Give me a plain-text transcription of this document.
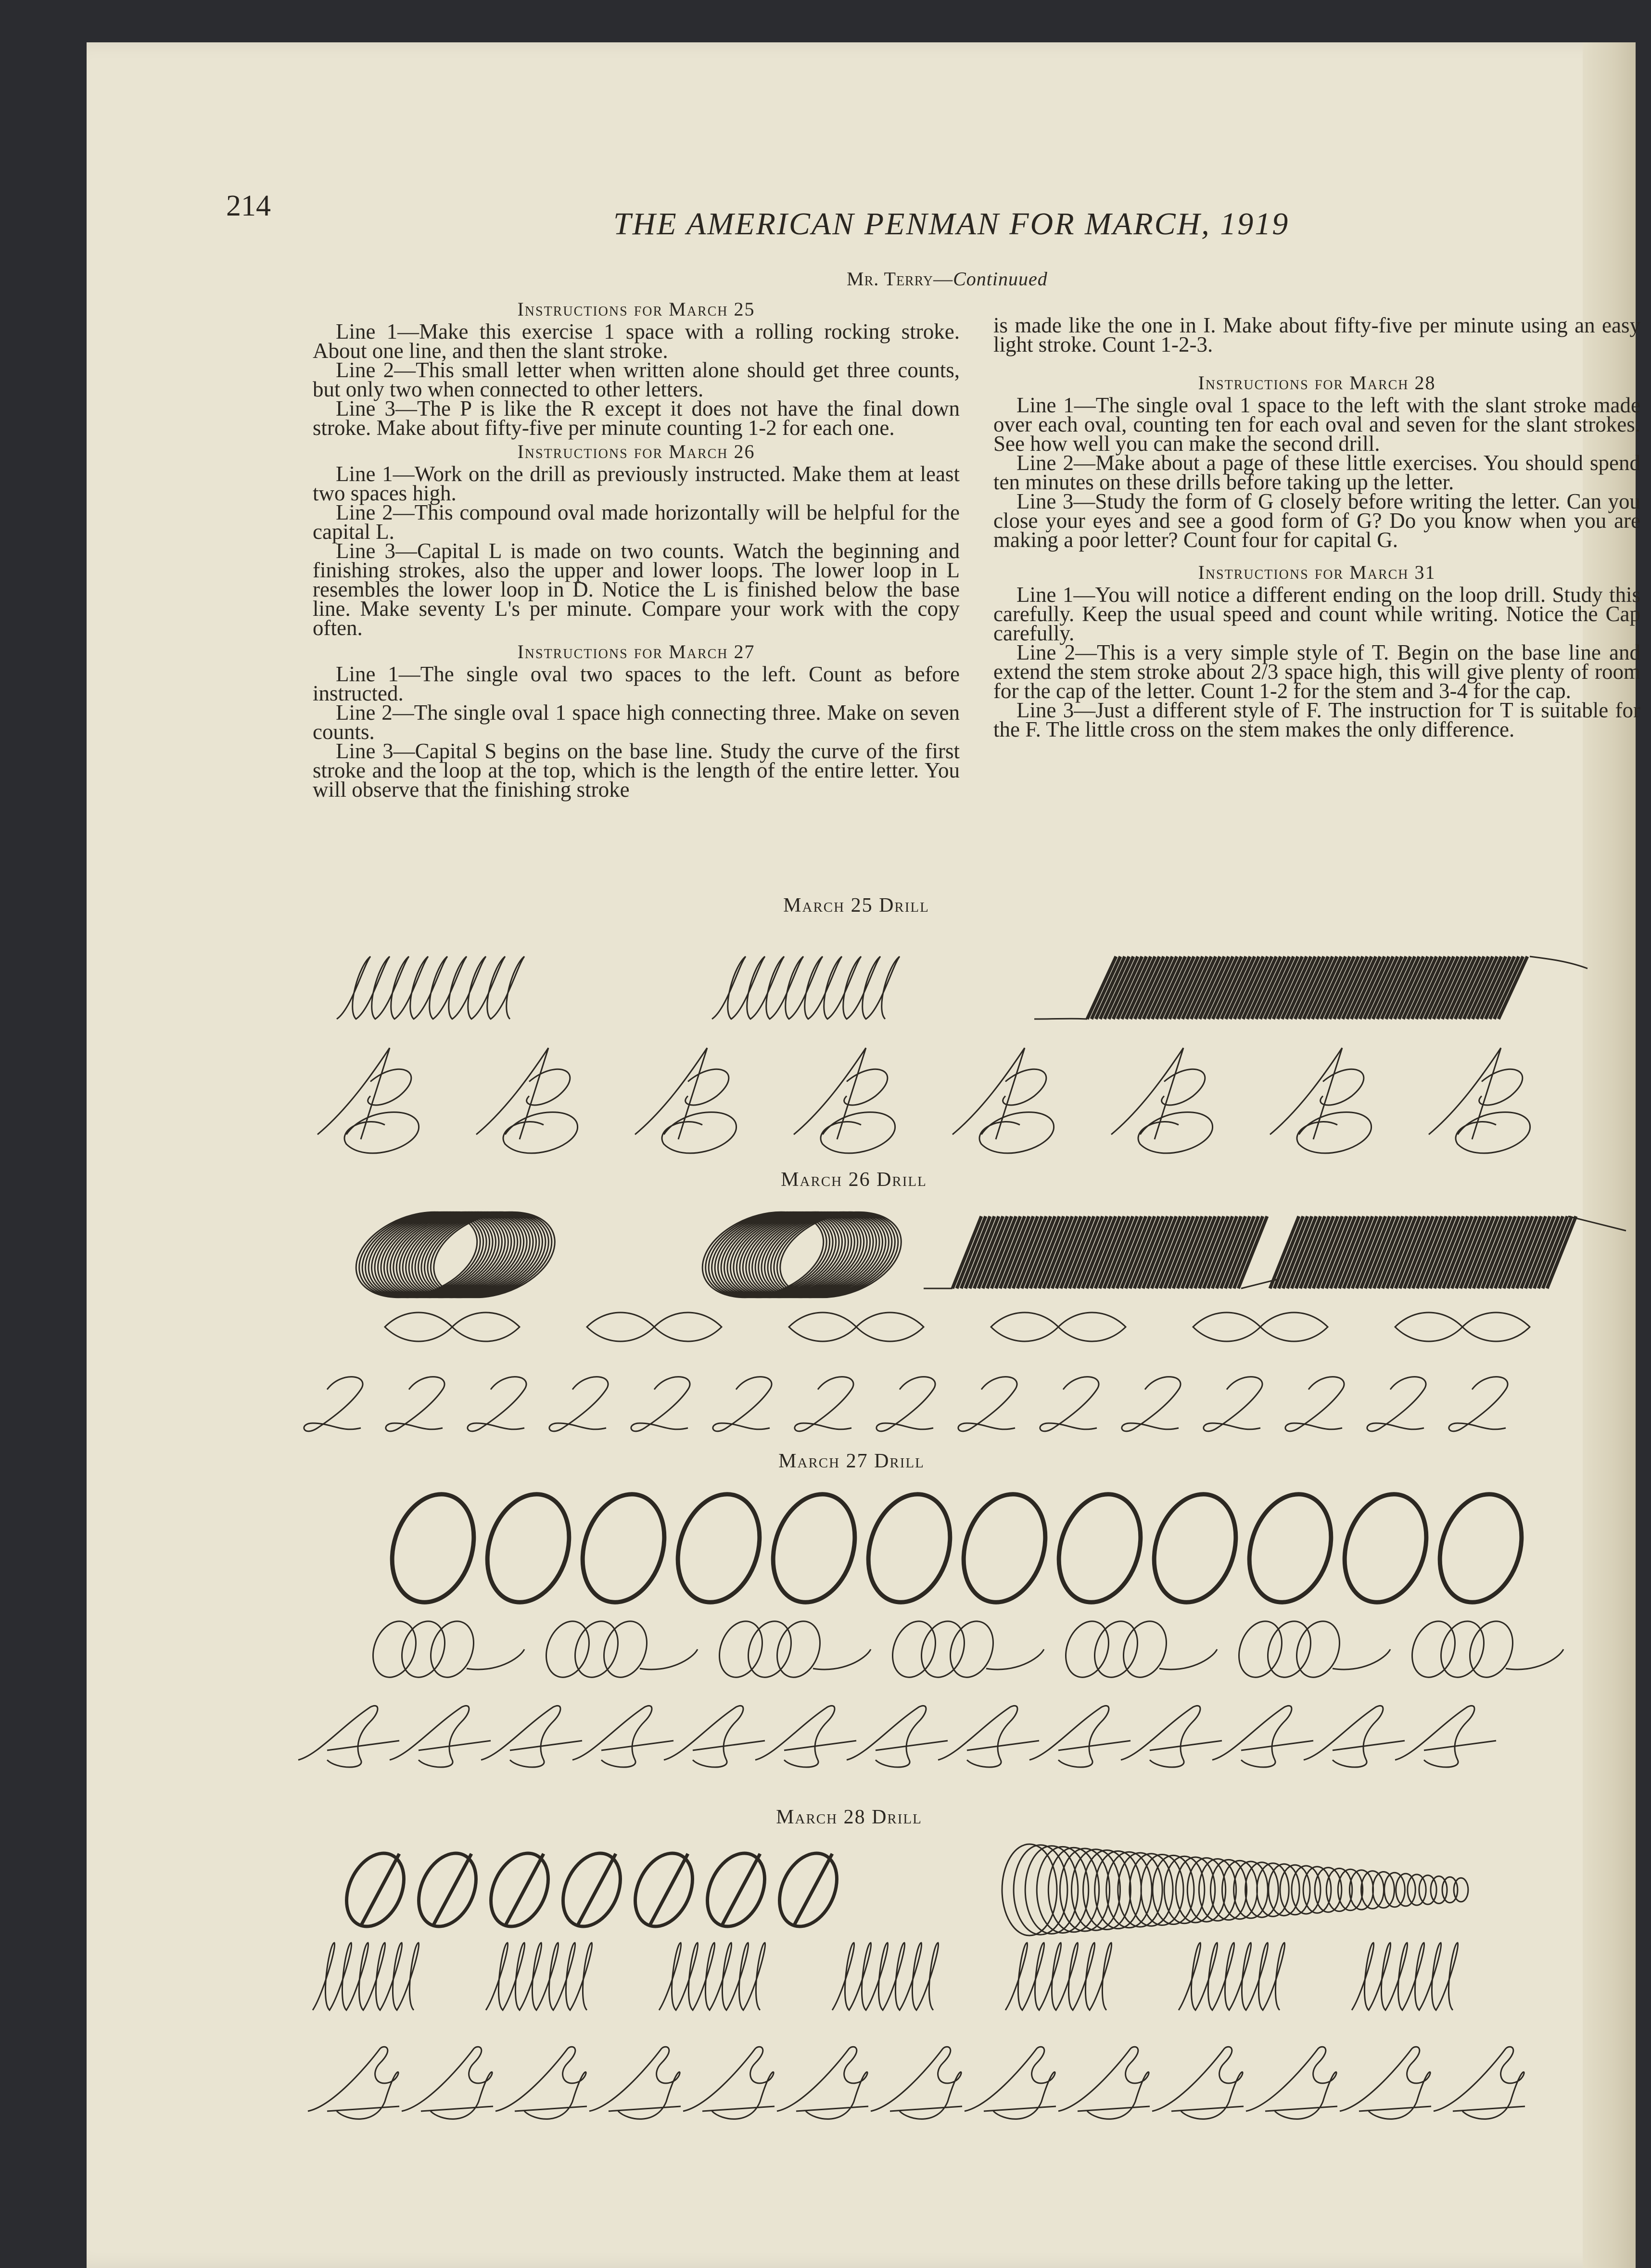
214
THE AMERICAN PENMAN FOR MARCH, 1919
Mr. Terry—Continuued
Instructions for March 25

Line 1—Make this exercise 1 space with a rolling rocking stroke. About one line, and then the slant stroke.

Line 2—This small letter when written alone should get three counts, but only two when connected to other letters.

Line 3—The P is like the R except it does not have the final down stroke. Make about fifty-five per minute counting 1-2 for each one.

Instructions for March 26

Line 1—Work on the drill as previously instructed. Make them at least two spaces high.

Line 2—This compound oval made horizontally will be helpful for the capital L.

Line 3—Capital L is made on two counts. Watch the beginning and finishing strokes, also the upper and lower loops. The lower loop in L resembles the lower loop in D. Notice the L is finished below the base line. Make seventy L's per minute. Compare your work with the copy often.

Instructions for March 27

Line 1—The single oval two spaces to the left. Count as before instructed.

Line 2—The single oval 1 space high connecting three. Make on seven counts.

Line 3—Capital S begins on the base line. Study the curve of the first stroke and the loop at the top, which is the length of the entire letter. You will observe that the finishing stroke

is made like the one in I. Make about fifty-five per minute using an easy light stroke. Count 1-2-3.

Instructions for March 28

Line 1—The single oval 1 space to the left with the slant stroke made over each oval, counting ten for each oval and seven for the slant strokes. See how well you can make the second drill.

Line 2—Make about a page of these little exercises. You should spend ten minutes on these drills before taking up the letter.

Line 3—Study the form of G closely before writing the letter. Can you close your eyes and see a good form of G? Do you know when you are making a poor letter? Count four for capital G.

Instructions for March 31

Line 1—You will notice a different ending on the loop drill. Study this carefully. Keep the usual speed and count while writing. Notice the Cap carefully.

Line 2—This is a very simple style of T. Begin on the base line and extend the stem stroke about 2/3 space high, this will give plenty of room for the cap of the letter. Count 1-2 for the stem and 3-4 for the cap.

Line 3—Just a different style of F. The instruction for T is suitable for the F. The little cross on the stem makes the only difference.

March 25 Drill
March 26 Drill
March 27 Drill
March 28 Drill
